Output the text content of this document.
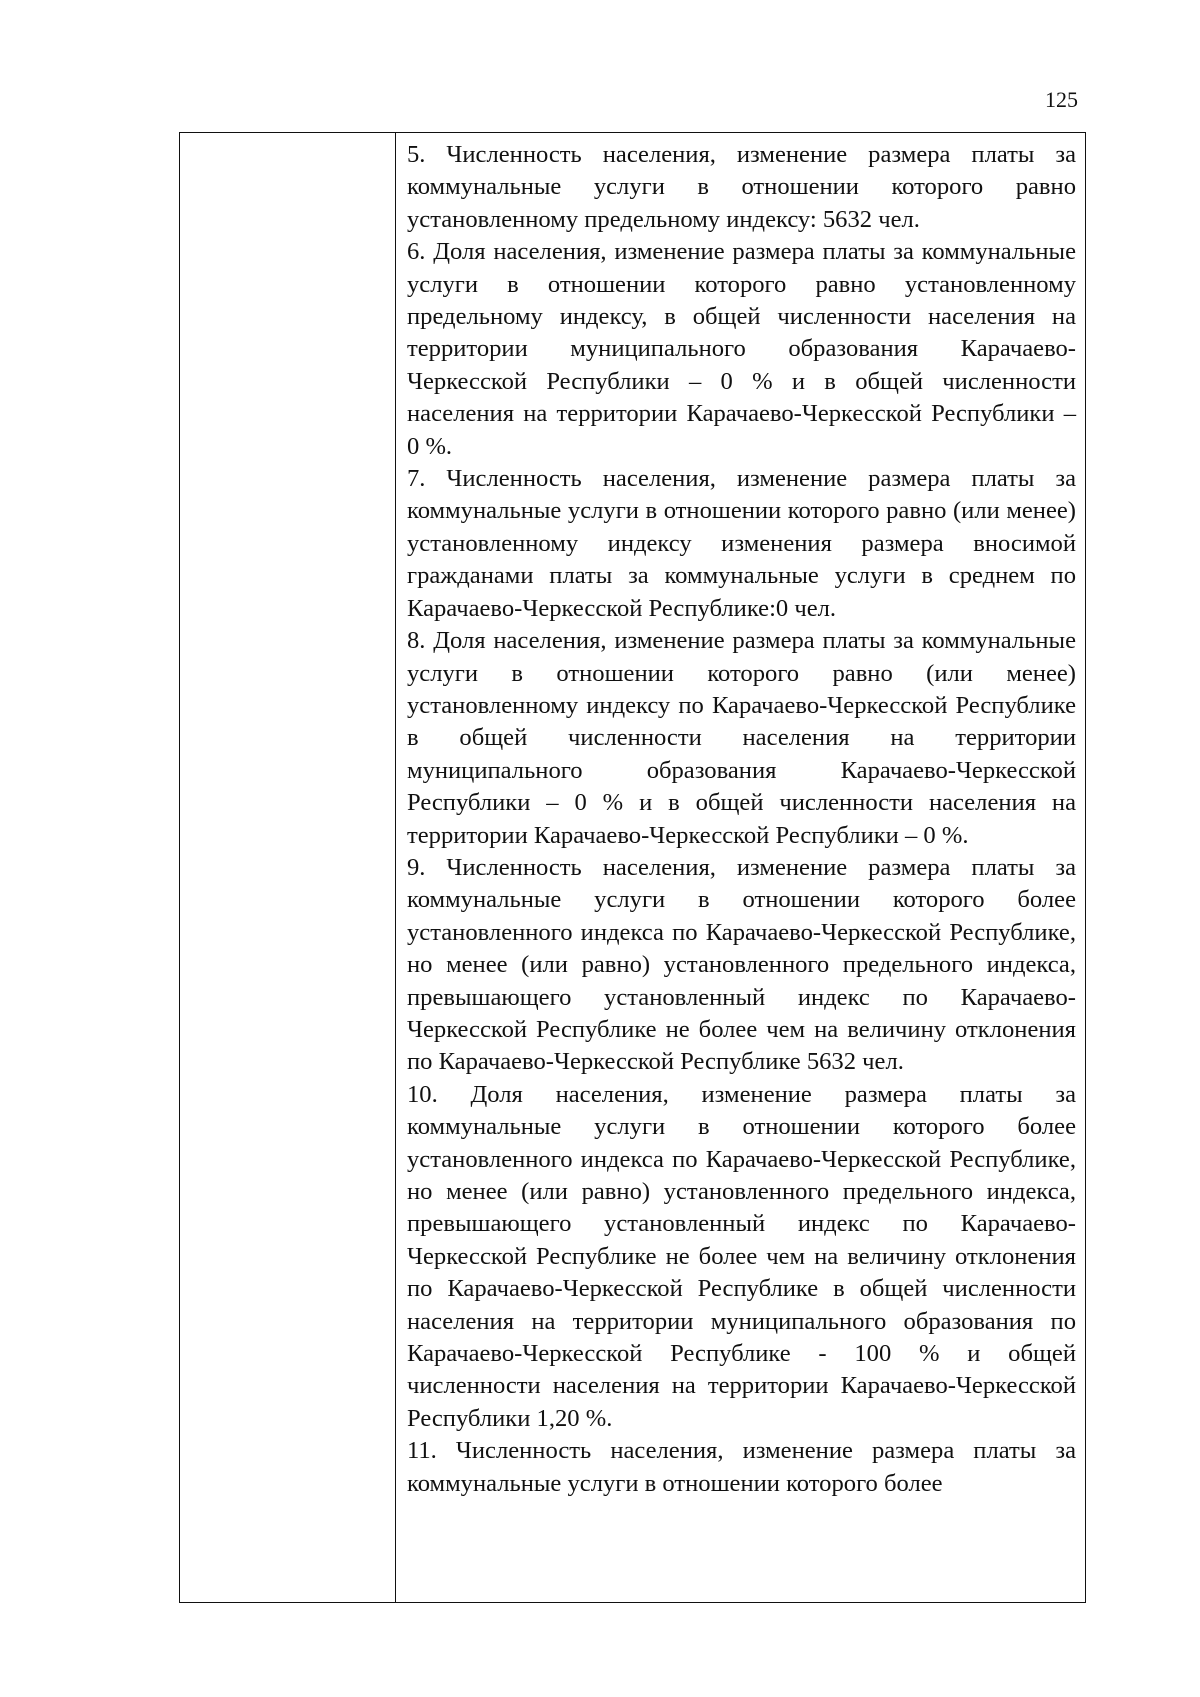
125

5. Численность населения, изменение размера платы за коммунальные услуги в отношении которого равно установленному предельному индексу: 5632 чел.

6. Доля населения, изменение размера платы за коммунальные услуги в отношении которого равно установленному предельному индексу, в общей численности населения на территории муниципального образования Карачаево-Черкесской Республики – 0 % и в общей численности населения на территории Карачаево-Черкесской Республики – 0 %.

7. Численность населения, изменение размера платы за коммунальные услуги в отношении которого равно (или менее) установленному индексу изменения размера вносимой гражданами платы за коммунальные услуги в среднем по Карачаево-Черкесской Республике:0 чел.

8. Доля населения, изменение размера платы за коммунальные услуги в отношении которого равно (или менее) установленному индексу по Карачаево-Черкесской Республике в общей численности населения на территории муниципального образования Карачаево-Черкесской Республики – 0 % и в общей численности населения на территории Карачаево-Черкесской Республики – 0 %.

9. Численность населения, изменение размера платы за коммунальные услуги в отношении которого более установленного индекса по Карачаево-Черкесской Республике, но менее (или равно) установленного предельного индекса, превышающего установленный индекс по Карачаево-Черкесской Республике не более чем на величину отклонения по Карачаево-Черкесской Республике 5632 чел.

10. Доля населения, изменение размера платы за коммунальные услуги в отношении которого более установленного индекса по Карачаево-Черкесской Республике, но менее (или равно) установленного предельного индекса, превышающего установленный индекс по Карачаево-Черкесской Республике не более чем на величину отклонения по Карачаево-Черкесской Республике в общей численности населения на территории муниципального образования по Карачаево-Черкесской Республике - 100 % и общей численности населения на территории Карачаево-Черкесской Республики 1,20 %.

11. Численность населения, изменение размера платы за коммунальные услуги в отношении которого более
